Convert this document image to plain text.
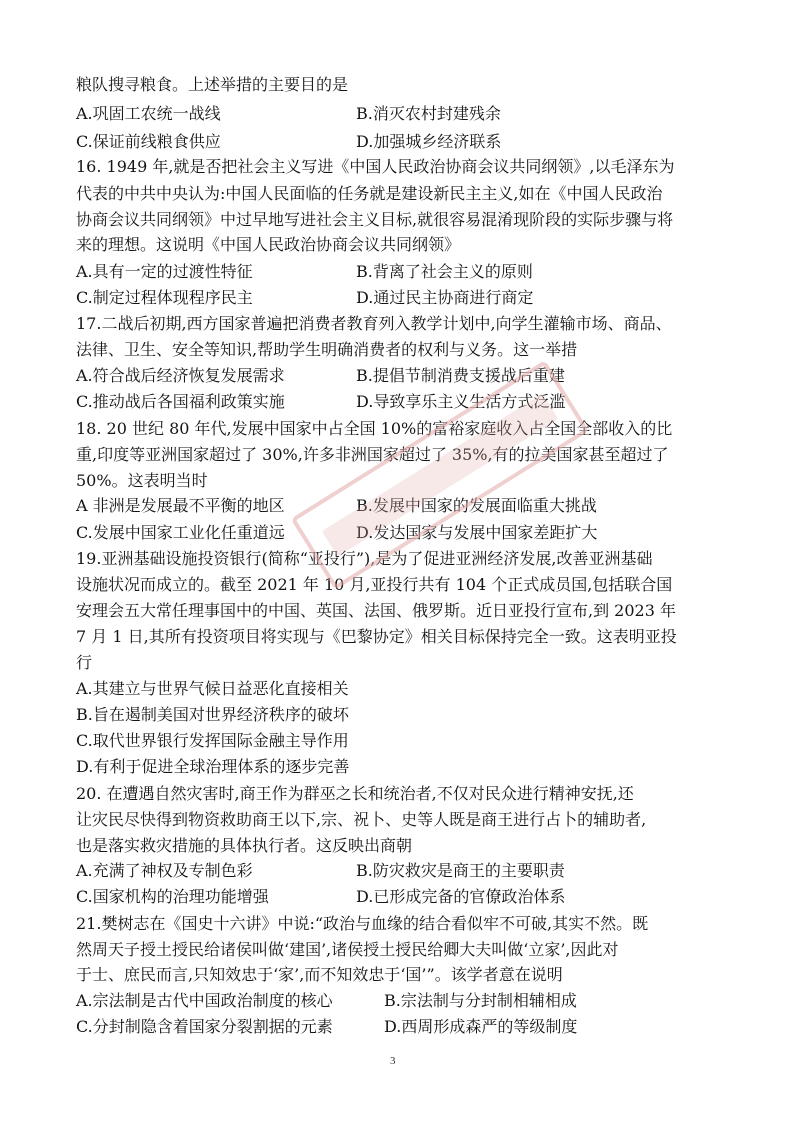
粮队搜寻粮食。上述举措的主要目的是
A.巩固工农统一战线	B.消灭农村封建残余
C.保证前线粮食供应	D.加强城乡经济联系
16. 1949 年,就是否把社会主义写进《中国人民政治协商会议共同纲领》,以毛泽东为
代表的中共中央认为:中国人民面临的任务就是建设新民主主义,如在《中国人民政治
协商会议共同纲领》中过早地写进社会主义目标,就很容易混淆现阶段的实际步骤与将
来的理想。这说明《中国人民政治协商会议共同纲领》
A.具有一定的过渡性特征	B.背离了社会主义的原则
C.制定过程体现程序民主	D.通过民主协商进行商定
17.二战后初期,西方国家普遍把消费者教育列入教学计划中,向学生灌输市场、商品、
法律、卫生、安全等知识,帮助学生明确消费者的权利与义务。这一举措
A.符合战后经济恢复发展需求	B.提倡节制消费支援战后重建
C.推动战后各国福利政策实施	D.导致享乐主义生活方式泛滥
18. 20 世纪 80 年代,发展中国家中占全国 10%的富裕家庭收入占全国全部收入的比
重,印度等亚洲国家超过了 30%,许多非洲国家超过了 35%,有的拉美国家甚至超过了
50%。这表明当时
A 非洲是发展最不平衡的地区	B.发展中国家的发展面临重大挑战
C.发展中国家工业化任重道远	D.发达国家与发展中国家差距扩大
19.亚洲基础设施投资银行(简称“亚投行”),是为了促进亚洲经济发展,改善亚洲基础
设施状况而成立的。截至 2021 年 10 月,亚投行共有 104 个正式成员国,包括联合国
安理会五大常任理事国中的中国、英国、法国、俄罗斯。近日亚投行宣布,到 2023 年
7 月 1 日,其所有投资项目将实现与《巴黎协定》相关目标保持完全一致。这表明亚投
行
A.其建立与世界气候日益恶化直接相关
B.旨在遏制美国对世界经济秩序的破坏
C.取代世界银行发挥国际金融主导作用
D.有利于促进全球治理体系的逐步完善
20. 在遭遇自然灾害时,商王作为群巫之长和统治者,不仅对民众进行精神安抚,还
让灾民尽快得到物资救助商王以下,宗、祝卜、史等人既是商王进行占卜的辅助者,
也是落实救灾措施的具体执行者。这反映出商朝
A.充满了神权及专制色彩	B.防灾救灾是商王的主要职责
C.国家机构的治理功能增强	D.已形成完备的官僚政治体系
21.樊树志在《国史十六讲》中说:“政治与血缘的结合看似牢不可破,其实不然。既
然周天子授土授民给诸侯叫做‘建国’,诸侯授土授民给卿大夫叫做‘立家’,因此对
于士、庶民而言,只知效忠于‘家’,而不知效忠于‘国’”。该学者意在说明
A.宗法制是古代中国政治制度的核心	B.宗法制与分封制相辅相成
C.分封制隐含着国家分裂割据的元素	D.西周形成森严的等级制度
3
